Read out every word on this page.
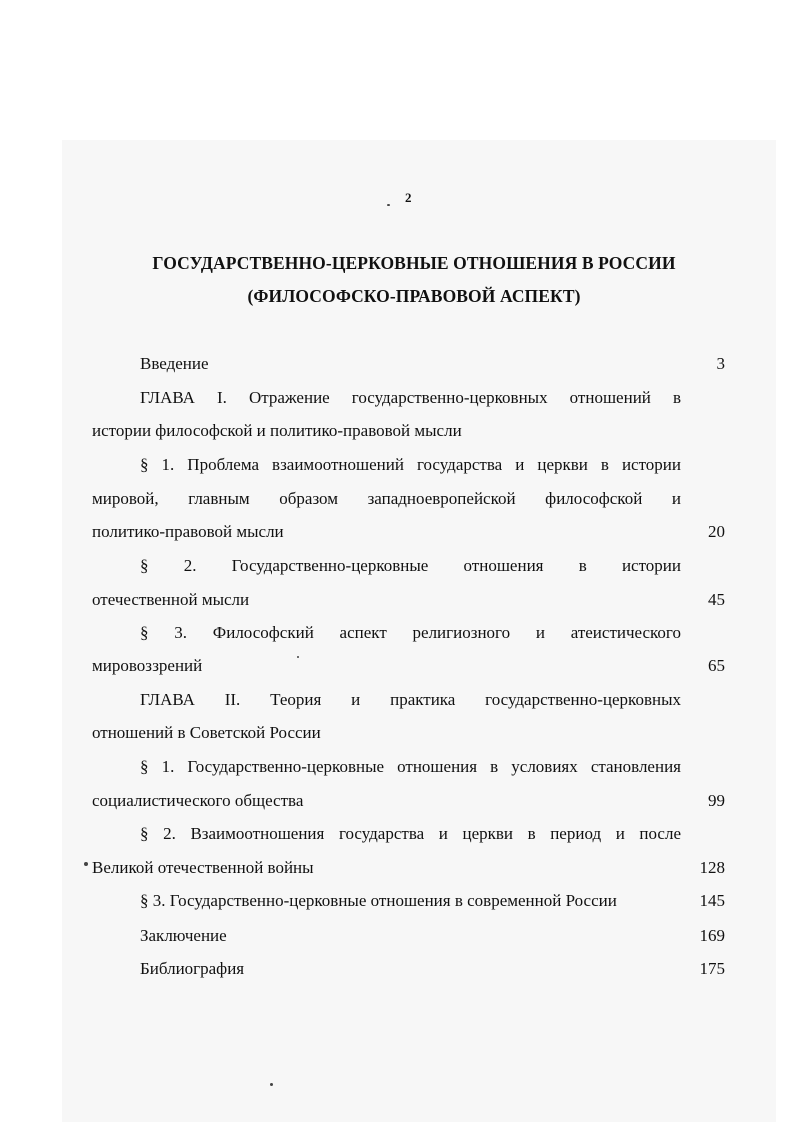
2
ГОСУДАРСТВЕННО-ЦЕРКОВНЫЕ ОТНОШЕНИЯ В РОССИИ
(ФИЛОСОФСКО-ПРАВОВОЙ АСПЕКТ)
Введение	3
ГЛАВА I. Отражение государственно-церковных отношений в
истории философской и политико-правовой мысли
§ 1. Проблема взаимоотношений государства и церкви в истории
мировой, главным образом западноевропейской философской и
политико-правовой мысли	20
§ 2. Государственно-церковные отношения в истории
отечественной мысли	45
§ 3. Философский аспект религиозного и атеистического
мировоззрений	65
ГЛАВА II. Теория и практика государственно-церковных
отношений в Советской России
§ 1. Государственно-церковные отношения в условиях становления
социалистического общества	99
§ 2. Взаимоотношения государства и церкви в период и после
Великой отечественной войны	128
§ 3. Государственно-церковные отношения в современной России	145
Заключение	169
Библиография	175
